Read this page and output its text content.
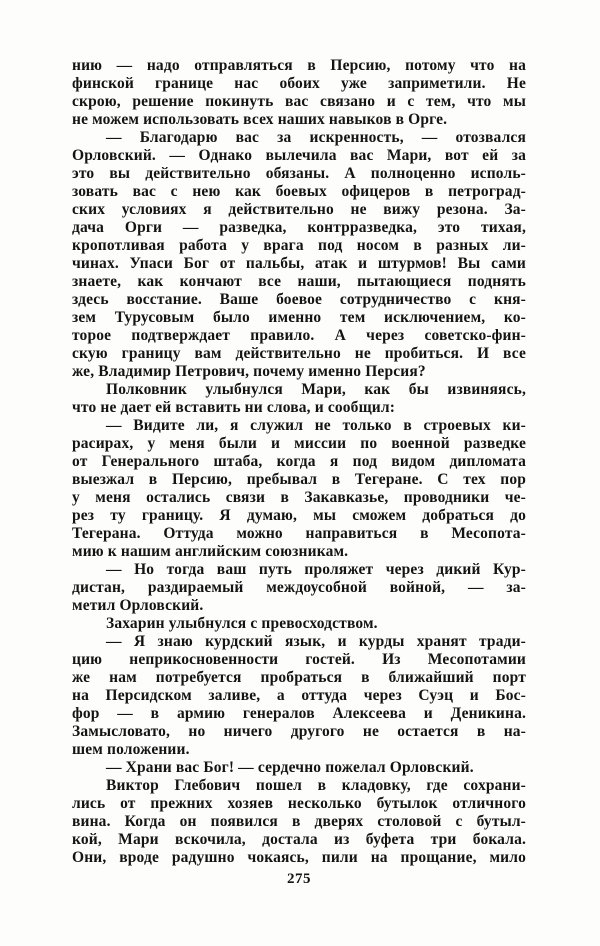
нию — надо отправляться в Персию, потому что на
финской границе нас обоих уже заприметили. Не
скрою, решение покинуть вас связано и с тем, что мы
не можем использовать всех наших навыков в Орге.
— Благодарю вас за искренность, — отозвался
Орловский. — Однако вылечила вас Мари, вот ей за
это вы действительно обязаны. А полноценно исполь-
зовать вас с нею как боевых офицеров в петроград-
ских условиях я действительно не вижу резона. За-
дача Орги — разведка, контрразведка, это тихая,
кропотливая работа у врага под носом в разных ли-
чинах. Упаси Бог от пальбы, атак и штурмов! Вы сами
знаете, как кончают все наши, пытающиеся поднять
здесь восстание. Ваше боевое сотрудничество с кня-
зем Турусовым было именно тем исключением, ко-
торое подтверждает правило. А через советско-фин-
скую границу вам действительно не пробиться. И все
же, Владимир Петрович, почему именно Персия?
Полковник улыбнулся Мари, как бы извиняясь,
что не дает ей вставить ни слова, и сообщил:
— Видите ли, я служил не только в строевых ки-
расирах, у меня были и миссии по военной разведке
от Генерального штаба, когда я под видом дипломата
выезжал в Персию, пребывал в Тегеране. С тех пор
у меня остались связи в Закавказье, проводники че-
рез ту границу. Я думаю, мы сможем добраться до
Тегерана. Оттуда можно направиться в Месопота-
мию к нашим английским союзникам.
— Но тогда ваш путь проляжет через дикий Кур-
дистан, раздираемый междоусобной войной, — за-
метил Орловский.
Захарин улыбнулся с превосходством.
— Я знаю курдский язык, и курды хранят тради-
цию неприкосновенности гостей. Из Месопотамии
же нам потребуется пробраться в ближайший порт
на Персидском заливе, а оттуда через Суэц и Бос-
фор — в армию генералов Алексеева и Деникина.
Замысловато, но ничего другого не остается в на-
шем положении.
— Храни вас Бог! — сердечно пожелал Орловский.
Виктор Глебович пошел в кладовку, где сохрани-
лись от прежних хозяев несколько бутылок отличного
вина. Когда он появился в дверях столовой с бутыл-
кой, Мари вскочила, достала из буфета три бокала.
Они, вроде радушно чокаясь, пили на прощание, мило
275
